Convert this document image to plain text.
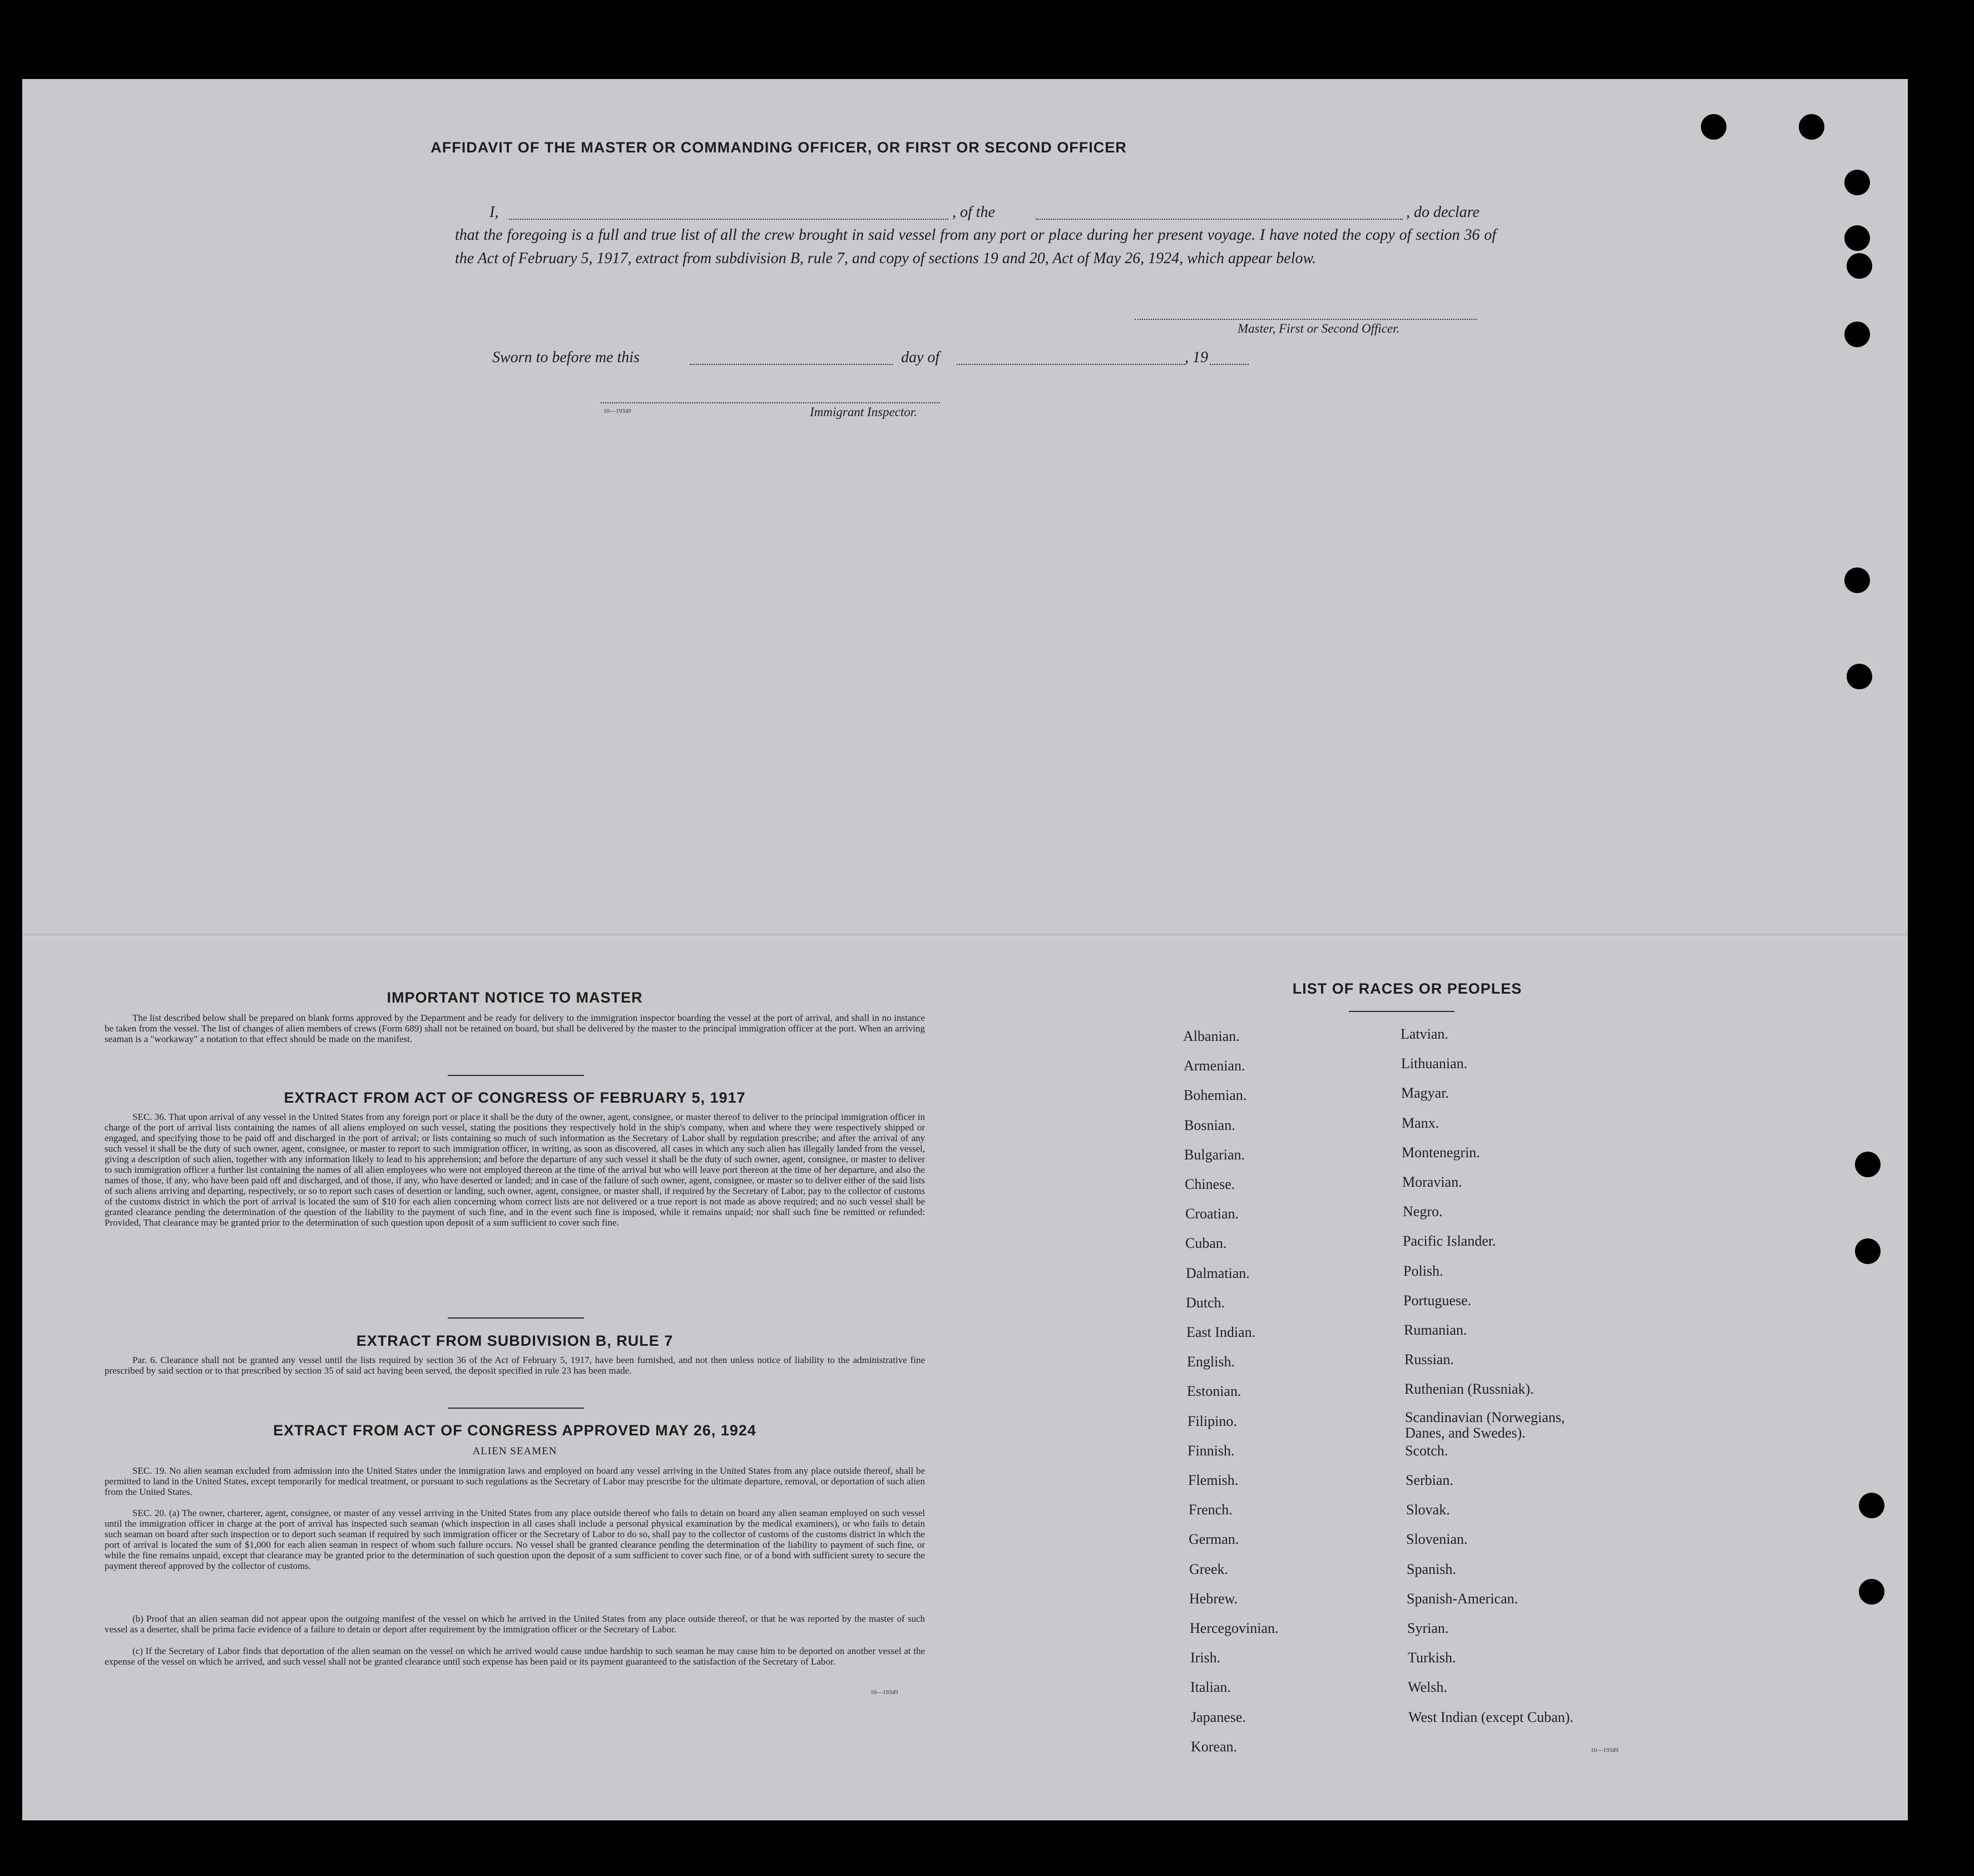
AFFIDAVIT OF THE MASTER OR COMMANDING OFFICER, OR FIRST OR SECOND OFFICER
I,	, of the	, do declare
that the foregoing is a full and true list of all the crew brought in said vessel from any port or place during her present voyage. I have noted the copy of section 36 of the Act of February 5, 1917, extract from subdivision B, rule 7, and copy of sections 19 and 20, Act of May 26, 1924, which appear below.
Master, First or Second Officer.
Sworn to before me this	day of	, 19
10—19349	Immigrant Inspector.
IMPORTANT NOTICE TO MASTER
The list described below shall be prepared on blank forms approved by the Department and be ready for delivery to the immigration inspector boarding the vessel at the port of arrival, and shall in no instance be taken from the vessel. The list of changes of alien members of crews (Form 689) shall not be retained on board, but shall be delivered by the master to the principal immigration officer at the port. When an arriving seaman is a "workaway" a notation to that effect should be made on the manifest.
EXTRACT FROM ACT OF CONGRESS OF FEBRUARY 5, 1917
SEC. 36. That upon arrival of any vessel in the United States from any foreign port or place it shall be the duty of the owner, agent, consignee, or master thereof to deliver to the principal immigration officer in charge of the port of arrival lists containing the names of all aliens employed on such vessel, stating the positions they respectively hold in the ship's company, when and where they were respectively shipped or engaged, and specifying those to be paid off and discharged in the port of arrival; or lists containing so much of such information as the Secretary of Labor shall by regulation prescribe; and after the arrival of any such vessel it shall be the duty of such owner, agent, consignee, or master to report to such immigration officer, in writing, as soon as discovered, all cases in which any such alien has illegally landed from the vessel, giving a description of such alien, together with any information likely to lead to his apprehension; and before the departure of any such vessel it shall be the duty of such owner, agent, consignee, or master to deliver to such immigration officer a further list containing the names of all alien employees who were not employed thereon at the time of the arrival but who will leave port thereon at the time of her departure, and also the names of those, if any, who have been paid off and discharged, and of those, if any, who have deserted or landed; and in case of the failure of such owner, agent, consignee, or master so to deliver either of the said lists of such aliens arriving and departing, respectively, or so to report such cases of desertion or landing, such owner, agent, consignee, or master shall, if required by the Secretary of Labor, pay to the collector of customs of the customs district in which the port of arrival is located the sum of $10 for each alien concerning whom correct lists are not delivered or a true report is not made as above required; and no such vessel shall be granted clearance pending the determination of the question of the liability to the payment of such fine, and in the event such fine is imposed, while it remains unpaid; nor shall such fine be remitted or refunded: Provided, That clearance may be granted prior to the determination of such question upon deposit of a sum sufficient to cover such fine.
EXTRACT FROM SUBDIVISION B, RULE 7
Par. 6. Clearance shall not be granted any vessel until the lists required by section 36 of the Act of February 5, 1917, have been furnished, and not then unless notice of liability to the administrative fine prescribed by said section or to that prescribed by section 35 of said act having been served, the deposit specified in rule 23 has been made.
EXTRACT FROM ACT OF CONGRESS APPROVED MAY 26, 1924
ALIEN SEAMEN
SEC. 19. No alien seaman excluded from admission into the United States under the immigration laws and employed on board any vessel arriving in the United States from any place outside thereof, shall be permitted to land in the United States, except temporarily for medical treatment, or pursuant to such regulations as the Secretary of Labor may prescribe for the ultimate departure, removal, or deportation of such alien from the United States.
SEC. 20. (a) The owner, charterer, agent, consignee, or master of any vessel arriving in the United States from any place outside thereof who fails to detain on board any alien seaman employed on such vessel until the immigration officer in charge at the port of arrival has inspected such seaman (which inspection in all cases shall include a personal physical examination by the medical examiners), or who fails to detain such seaman on board after such inspection or to deport such seaman if required by such immigration officer or the Secretary of Labor to do so, shall pay to the collector of customs of the customs district in which the port of arrival is located the sum of $1,000 for each alien seaman in respect of whom such failure occurs. No vessel shall be granted clearance pending the determination of the liability to payment of such fine, or while the fine remains unpaid, except that clearance may be granted prior to the determination of such question upon the deposit of a sum sufficient to cover such fine, or of a bond with sufficient surety to secure the payment thereof approved by the collector of customs.
(b) Proof that an alien seaman did not appear upon the outgoing manifest of the vessel on which he arrived in the United States from any place outside thereof, or that he was reported by the master of such vessel as a deserter, shall be prima facie evidence of a failure to detain or deport after requirement by the immigration officer or the Secretary of Labor.
(c) If the Secretary of Labor finds that deportation of the alien seaman on the vessel on which he arrived would cause undue hardship to such seaman he may cause him to be deported on another vessel at the expense of the vessel on which he arrived, and such vessel shall not be granted clearance until such expense has been paid or its payment guaranteed to the satisfaction of the Secretary of Labor.
10—19349
LIST OF RACES OR PEOPLES
Albanian.
Armenian.
Bohemian.
Bosnian.
Bulgarian.
Chinese.
Croatian.
Cuban.
Dalmatian.
Dutch.
East Indian.
English.
Estonian.
Filipino.
Finnish.
Flemish.
French.
German.
Greek.
Hebrew.
Hercegovinian.
Irish.
Italian.
Japanese.
Korean.
Latvian.
Lithuanian.
Magyar.
Manx.
Montenegrin.
Moravian.
Negro.
Pacific Islander.
Polish.
Portuguese.
Rumanian.
Russian.
Ruthenian (Russniak).
Scandinavian (Norwegians, Danes, and Swedes).
Scotch.
Serbian.
Slovak.
Slovenian.
Spanish.
Spanish-American.
Syrian.
Turkish.
Welsh.
West Indian (except Cuban).
10—19349
